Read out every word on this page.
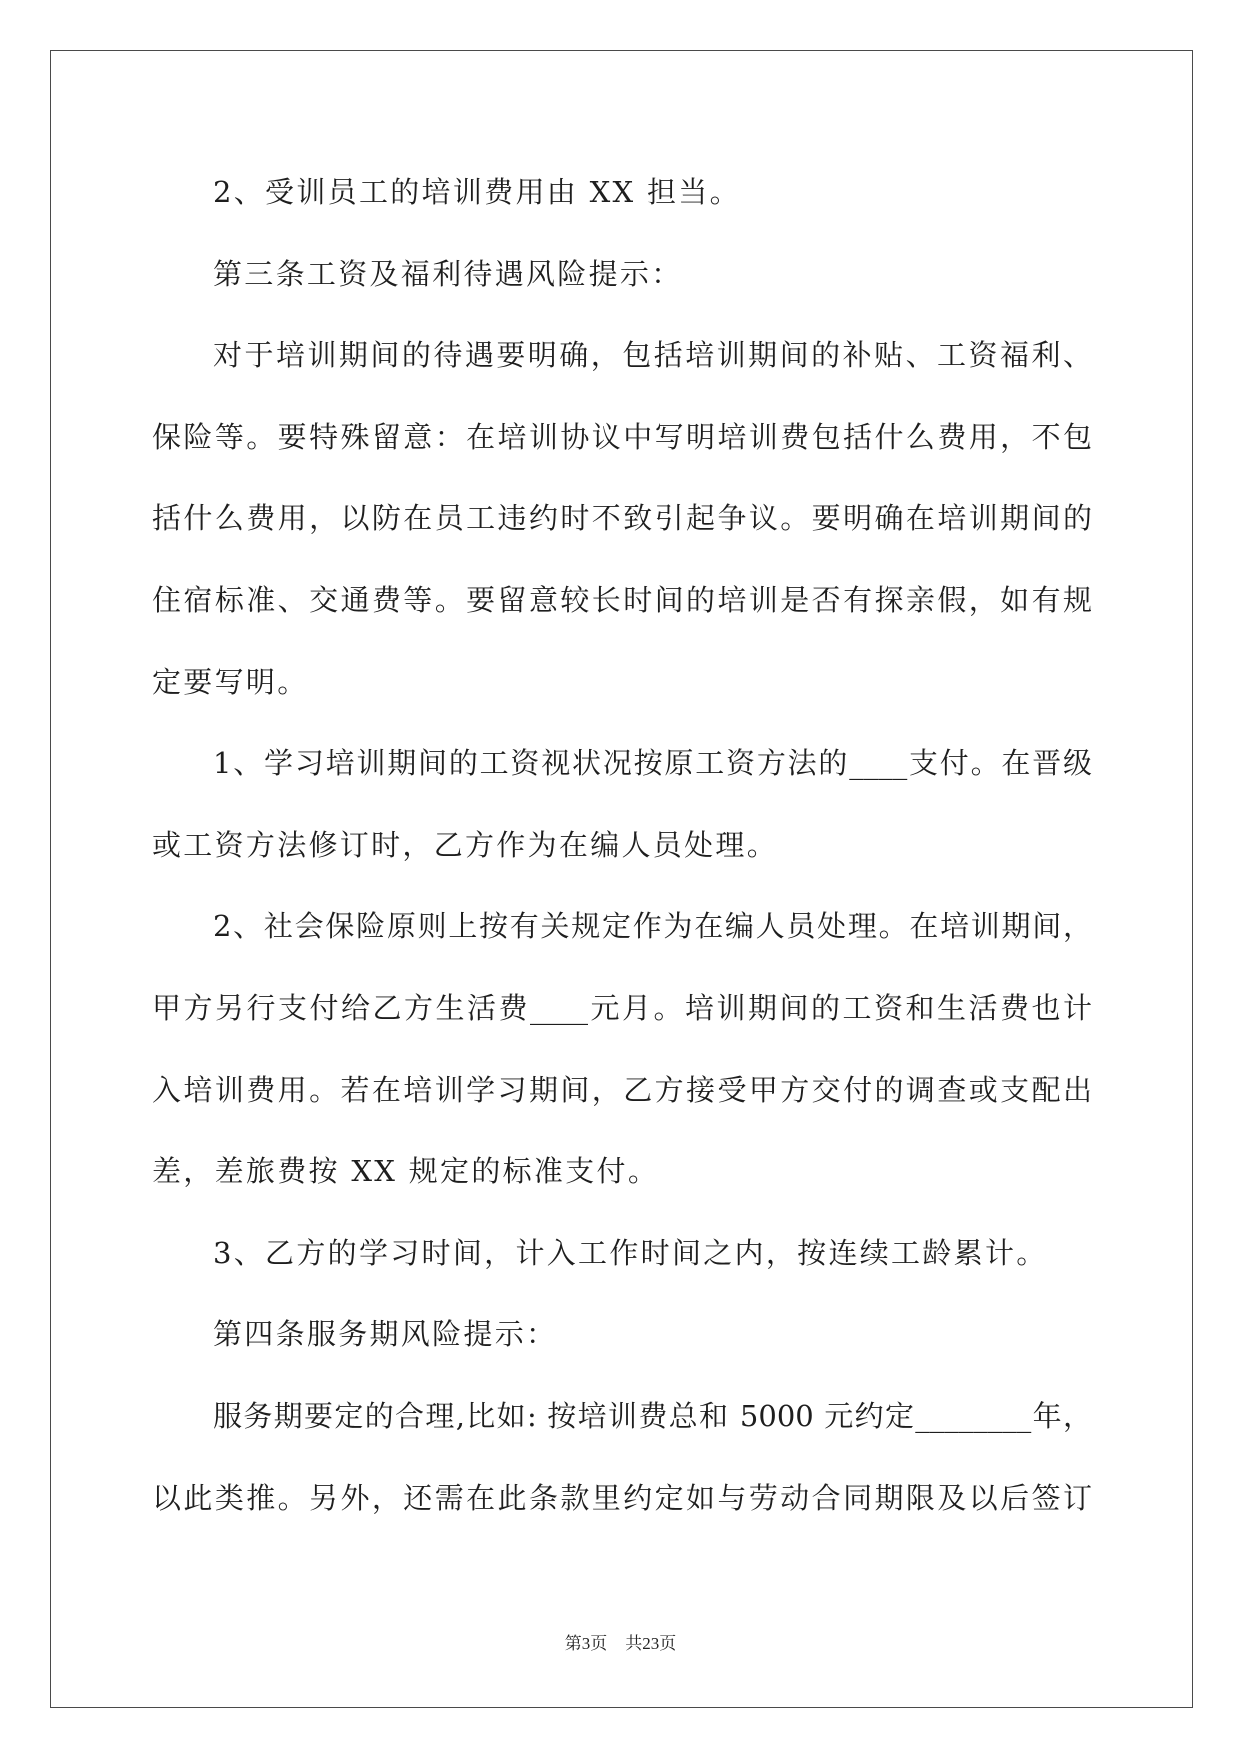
2、受训员工的培训费用由 XX 担当。
第三条工资及福利待遇风险提示：
对于培训期间的待遇要明确，包括培训期间的补贴、工资福利、
保险等。要特殊留意：在培训协议中写明培训费包括什么费用，不包
括什么费用，以防在员工违约时不致引起争议。要明确在培训期间的
住宿标准、交通费等。要留意较长时间的培训是否有探亲假，如有规
定要写明。
1、学习培训期间的工资视状况按原工资方法的____支付。在晋级
或工资方法修订时，乙方作为在编人员处理。
2、社会保险原则上按有关规定作为在编人员处理。在培训期间，
甲方另行支付给乙方生活费____元月。培训期间的工资和生活费也计
入培训费用。若在培训学习期间，乙方接受甲方交付的调查或支配出
差，差旅费按 XX 规定的标准支付。
3、乙方的学习时间，计入工作时间之内，按连续工龄累计。
第四条服务期风险提示：
服务期要定的合理,比如: 按培训费总和 5000 元约定________年，
以此类推。另外，还需在此条款里约定如与劳动合同期限及以后签订
第3页 共23页
